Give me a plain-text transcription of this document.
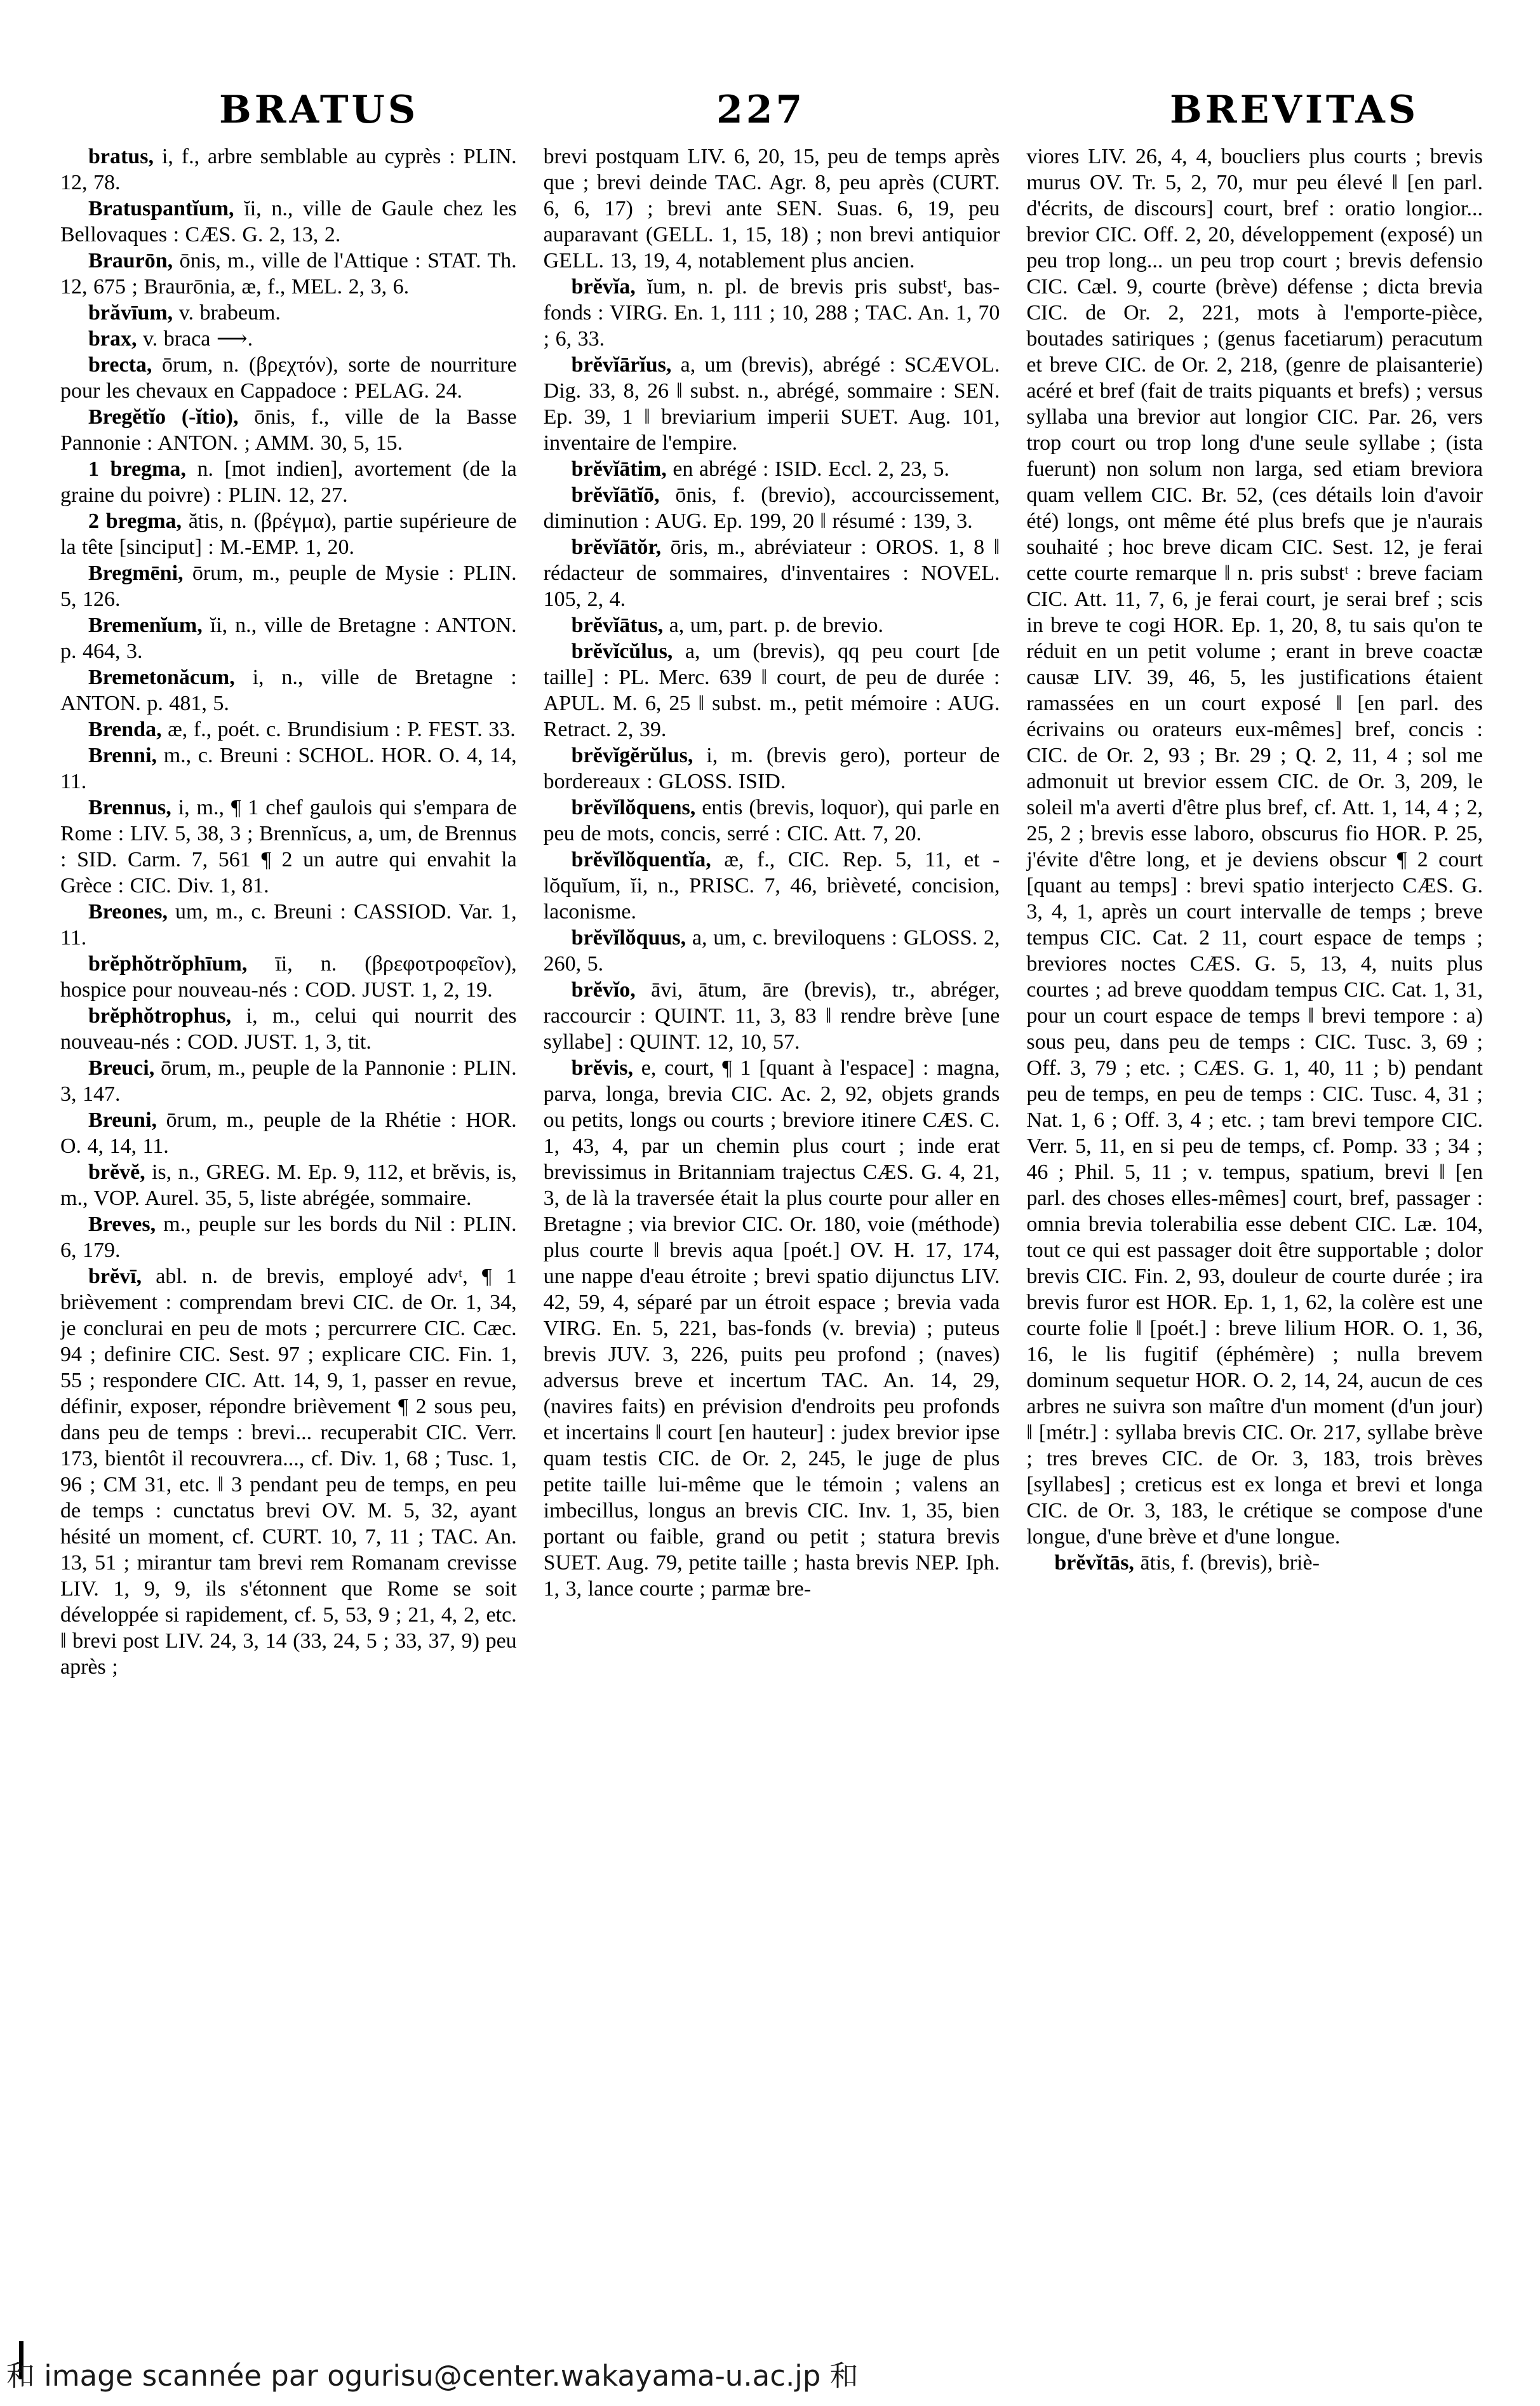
BRATUS	227	BREVITAS

bratus, i, f., arbre semblable au cyprès : PLIN. 12, 78.

Bratuspantĭum, ĭi, n., ville de Gaule chez les Bellovaques : CÆS. G. 2, 13, 2.

Braurōn, ōnis, m., ville de l'Attique : STAT. Th. 12, 675 ; Braurōnia, æ, f., MEL. 2, 3, 6.

brăvīum, v. brabeum.

brax, v. braca ⟶.

brecta, ōrum, n. (βρεχτόν), sorte de nourriture pour les chevaux en Cappadoce : PELAG. 24.

Bregĕtĭo (-ĭtio), ōnis, f., ville de la Basse Pannonie : ANTON. ; AMM. 30, 5, 15.

1 bregma, n. [mot indien], avortement (de la graine du poivre) : PLIN. 12, 27.

2 bregma, ătis, n. (βρέγμα), partie supérieure de la tête [sinciput] : M.-EMP. 1, 20.

Bregmēni, ōrum, m., peuple de Mysie : PLIN. 5, 126.

Bremenĭum, ĭi, n., ville de Bretagne : ANTON. p. 464, 3.

Bremetonăcum, i, n., ville de Bretagne : ANTON. p. 481, 5.

Brenda, æ, f., poét. c. Brundisium : P. FEST. 33.

Brenni, m., c. Breuni : SCHOL. HOR. O. 4, 14, 11.

Brennus, i, m., ¶ 1 chef gaulois qui s'empara de Rome : LIV. 5, 38, 3 ; Brennĭcus, a, um, de Brennus : SID. Carm. 7, 561 ¶ 2 un autre qui envahit la Grèce : CIC. Div. 1, 81.

Breones, um, m., c. Breuni : CASSIOD. Var. 1, 11.

brĕphŏtrŏphīum, īi, n. (βρεφοτροφεῖον), hospice pour nouveau-nés : COD. JUST. 1, 2, 19.

brĕphŏtrophus, i, m., celui qui nourrit des nouveau-nés : COD. JUST. 1, 3, tit.

Breuci, ōrum, m., peuple de la Pannonie : PLIN. 3, 147.

Breuni, ōrum, m., peuple de la Rhétie : HOR. O. 4, 14, 11.

brĕvĕ, is, n., GREG. M. Ep. 9, 112, et brĕvis, is, m., VOP. Aurel. 35, 5, liste abrégée, sommaire.

Breves, m., peuple sur les bords du Nil : PLIN. 6, 179.

brĕvī, abl. n. de brevis, employé advᵗ, ¶ 1 brièvement : comprendam brevi CIC. de Or. 1, 34, je conclurai en peu de mots ; percurrere CIC. Cæc. 94 ; definire CIC. Sest. 97 ; explicare CIC. Fin. 1, 55 ; respondere CIC. Att. 14, 9, 1, passer en revue, définir, exposer, répondre brièvement ¶ 2 sous peu, dans peu de temps : brevi... recuperabit CIC. Verr. 173, bientôt il recouvrera..., cf. Div. 1, 68 ; Tusc. 1, 96 ; CM 31, etc. ‖ 3 pendant peu de temps, en peu de temps : cunctatus brevi OV. M. 5, 32, ayant hésité un moment, cf. CURT. 10, 7, 11 ; TAC. An. 13, 51 ; mirantur tam brevi rem Romanam crevisse LIV. 1, 9, 9, ils s'étonnent que Rome se soit développée si rapidement, cf. 5, 53, 9 ; 21, 4, 2, etc. ‖ brevi post LIV. 24, 3, 14 (33, 24, 5 ; 33, 37, 9) peu après ;

brevi postquam LIV. 6, 20, 15, peu de temps après que ; brevi deinde TAC. Agr. 8, peu après (CURT. 6, 6, 17) ; brevi ante SEN. Suas. 6, 19, peu auparavant (GELL. 1, 15, 18) ; non brevi antiquior GELL. 13, 19, 4, notablement plus ancien.

brĕvĭa, ĭum, n. pl. de brevis pris substᵗ, bas-fonds : VIRG. En. 1, 111 ; 10, 288 ; TAC. An. 1, 70 ; 6, 33.

brĕvĭārĭus, a, um (brevis), abrégé : SCÆVOL. Dig. 33, 8, 26 ‖ subst. n., abrégé, sommaire : SEN. Ep. 39, 1 ‖ breviarium imperii SUET. Aug. 101, inventaire de l'empire.

brĕvĭātim, en abrégé : ISID. Eccl. 2, 23, 5.

brĕvĭātĭō, ōnis, f. (brevio), accourcissement, diminution : AUG. Ep. 199, 20 ‖ résumé : 139, 3.

brĕvĭātŏr, ōris, m., abréviateur : OROS. 1, 8 ‖ rédacteur de sommaires, d'inventaires : NOVEL. 105, 2, 4.

brĕvĭātus, a, um, part. p. de brevio.

brĕvĭcŭlus, a, um (brevis), qq peu court [de taille] : PL. Merc. 639 ‖ court, de peu de durée : APUL. M. 6, 25 ‖ subst. m., petit mémoire : AUG. Retract. 2, 39.

brĕvĭgĕrŭlus, i, m. (brevis gero), porteur de bordereaux : GLOSS. ISID.

brĕvĭlŏquens, entis (brevis, loquor), qui parle en peu de mots, concis, serré : CIC. Att. 7, 20.

brĕvĭlŏquentĭa, æ, f., CIC. Rep. 5, 11, et -lŏquĭum, ĭi, n., PRISC. 7, 46, brièveté, concision, laconisme.

brĕvĭlŏquus, a, um, c. breviloquens : GLOSS. 2, 260, 5.

brĕvĭo, āvi, ātum, āre (brevis), tr., abréger, raccourcir : QUINT. 11, 3, 83 ‖ rendre brève [une syllabe] : QUINT. 12, 10, 57.

brĕvis, e, court, ¶ 1 [quant à l'espace] : magna, parva, longa, brevia CIC. Ac. 2, 92, objets grands ou petits, longs ou courts ; breviore itinere CÆS. C. 1, 43, 4, par un chemin plus court ; inde erat brevissimus in Britanniam trajectus CÆS. G. 4, 21, 3, de là la traversée était la plus courte pour aller en Bretagne ; via brevior CIC. Or. 180, voie (méthode) plus courte ‖ brevis aqua [poét.] OV. H. 17, 174, une nappe d'eau étroite ; brevi spatio dijunctus LIV. 42, 59, 4, séparé par un étroit espace ; brevia vada VIRG. En. 5, 221, bas-fonds (v. brevia) ; puteus brevis JUV. 3, 226, puits peu profond ; (naves) adversus breve et incertum TAC. An. 14, 29, (navires faits) en prévision d'endroits peu profonds et incertains ‖ court [en hauteur] : judex brevior ipse quam testis CIC. de Or. 2, 245, le juge de plus petite taille lui-même que le témoin ; valens an imbecillus, longus an brevis CIC. Inv. 1, 35, bien portant ou faible, grand ou petit ; statura brevis SUET. Aug. 79, petite taille ; hasta brevis NEP. Iph. 1, 3, lance courte ; parmæ bre-

viores LIV. 26, 4, 4, boucliers plus courts ; brevis murus OV. Tr. 5, 2, 70, mur peu élevé ‖ [en parl. d'écrits, de discours] court, bref : oratio longior... brevior CIC. Off. 2, 20, développement (exposé) un peu trop long... un peu trop court ; brevis defensio CIC. Cæl. 9, courte (brève) défense ; dicta brevia CIC. de Or. 2, 221, mots à l'emporte-pièce, boutades satiriques ; (genus facetiarum) peracutum et breve CIC. de Or. 2, 218, (genre de plaisanterie) acéré et bref (fait de traits piquants et brefs) ; versus syllaba una brevior aut longior CIC. Par. 26, vers trop court ou trop long d'une seule syllabe ; (ista fuerunt) non solum non larga, sed etiam breviora quam vellem CIC. Br. 52, (ces détails loin d'avoir été) longs, ont même été plus brefs que je n'aurais souhaité ; hoc breve dicam CIC. Sest. 12, je ferai cette courte remarque ‖ n. pris substᵗ : breve faciam CIC. Att. 11, 7, 6, je ferai court, je serai bref ; scis in breve te cogi HOR. Ep. 1, 20, 8, tu sais qu'on te réduit en un petit volume ; erant in breve coactæ causæ LIV. 39, 46, 5, les justifications étaient ramassées en un court exposé ‖ [en parl. des écrivains ou orateurs eux-mêmes] bref, concis : CIC. de Or. 2, 93 ; Br. 29 ; Q. 2, 11, 4 ; sol me admonuit ut brevior essem CIC. de Or. 3, 209, le soleil m'a averti d'être plus bref, cf. Att. 1, 14, 4 ; 2, 25, 2 ; brevis esse laboro, obscurus fio HOR. P. 25, j'évite d'être long, et je deviens obscur ¶ 2 court [quant au temps] : brevi spatio interjecto CÆS. G. 3, 4, 1, après un court intervalle de temps ; breve tempus CIC. Cat. 2 11, court espace de temps ; breviores noctes CÆS. G. 5, 13, 4, nuits plus courtes ; ad breve quoddam tempus CIC. Cat. 1, 31, pour un court espace de temps ‖ brevi tempore : a) sous peu, dans peu de temps : CIC. Tusc. 3, 69 ; Off. 3, 79 ; etc. ; CÆS. G. 1, 40, 11 ; b) pendant peu de temps, en peu de temps : CIC. Tusc. 4, 31 ; Nat. 1, 6 ; Off. 3, 4 ; etc. ; tam brevi tempore CIC. Verr. 5, 11, en si peu de temps, cf. Pomp. 33 ; 34 ; 46 ; Phil. 5, 11 ; v. tempus, spatium, brevi ‖ [en parl. des choses elles-mêmes] court, bref, passager : omnia brevia tolerabilia esse debent CIC. Læ. 104, tout ce qui est passager doit être supportable ; dolor brevis CIC. Fin. 2, 93, douleur de courte durée ; ira brevis furor est HOR. Ep. 1, 1, 62, la colère est une courte folie ‖ [poét.] : breve lilium HOR. O. 1, 36, 16, le lis fugitif (éphémère) ; nulla brevem dominum sequetur HOR. O. 2, 14, 24, aucun de ces arbres ne suivra son maître d'un moment (d'un jour) ‖ [métr.] : syllaba brevis CIC. Or. 217, syllabe brève ; tres breves CIC. de Or. 3, 183, trois brèves [syllabes] ; creticus est ex longa et brevi et longa CIC. de Or. 3, 183, le crétique se compose d'une longue, d'une brève et d'une longue.

brĕvĭtās, ātis, f. (brevis), briè-

和 image scannée par ogurisu@center.wakayama-u.ac.jp 和
